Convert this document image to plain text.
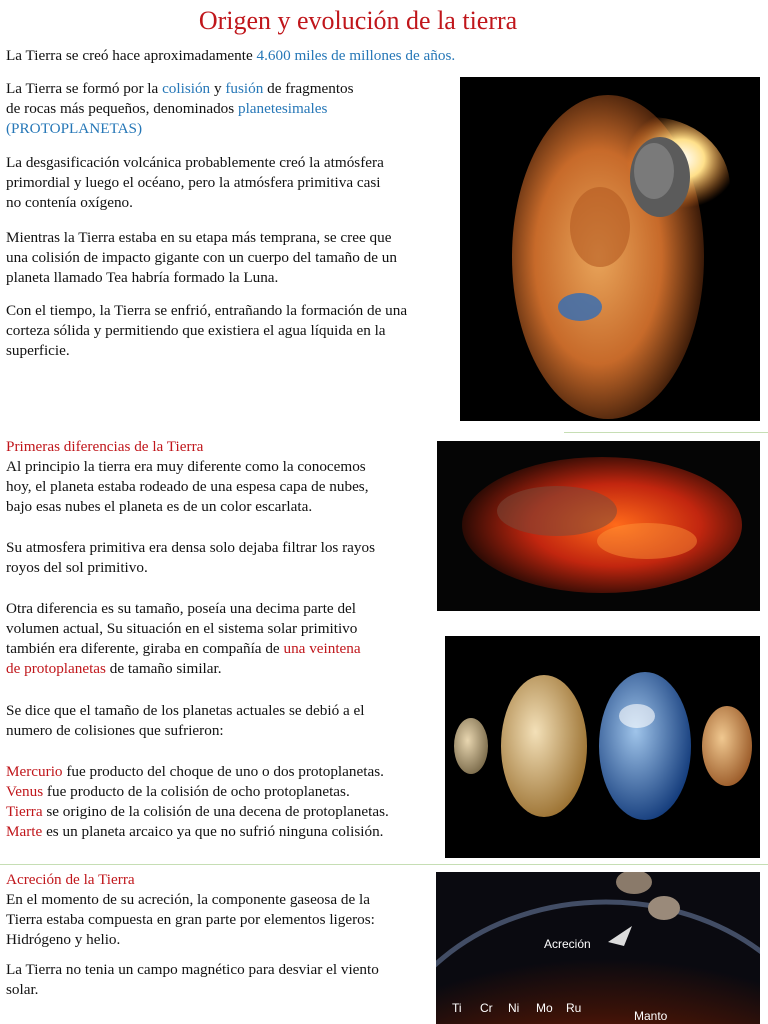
Origen y evolución de la tierra

La Tierra se creó hace aproximadamente 4.600 miles de millones de años.

La Tierra se formó por la colisión y fusión de fragmentos

de rocas más pequeños, denominados planetesimales

(PROTOPLANETAS)

La desgasificación volcánica probablemente creó la atmósfera

primordial y luego el océano, pero la atmósfera primitiva casi

no contenía oxígeno.

Mientras la Tierra estaba en su etapa más temprana, se cree que

una colisión de impacto gigante con un cuerpo del tamaño de un

planeta llamado Tea habría formado la Luna.

Con el tiempo, la Tierra se enfrió, entrañando la formación de una

corteza sólida y permitiendo que existiera el agua líquida en la

superficie.

Primeras diferencias de la Tierra

Al principio la tierra era muy diferente como la conocemos

hoy, el planeta estaba rodeado de una espesa capa de nubes,

bajo esas nubes el planeta es de un color escarlata.

Su atmosfera primitiva era densa solo dejaba filtrar los rayos

royos del sol primitivo.

Otra diferencia es su tamaño, poseía una decima parte del

volumen actual, Su situación en el sistema solar primitivo

también era diferente, giraba en compañía de una veintena

de protoplanetas de tamaño similar.

Se dice que el tamaño de los planetas actuales se debió a el

numero de colisiones que sufrieron:

Mercurio fue producto del choque de uno o dos protoplanetas.

Venus fue producto de la colisión de ocho protoplanetas.

Tierra se origino de la colisión de una decena de protoplanetas.

Marte es un planeta arcaico ya que no sufrió ninguna colisión.

Acreción de la Tierra

En el momento de su acreción, la componente gaseosa de la

Tierra estaba compuesta en gran parte por elementos ligeros:

Hidrógeno y helio.

La Tierra no tenia un campo magnético para desviar el viento

solar.

Acreción
Ti Cr Ni Mo Ru
Manto
